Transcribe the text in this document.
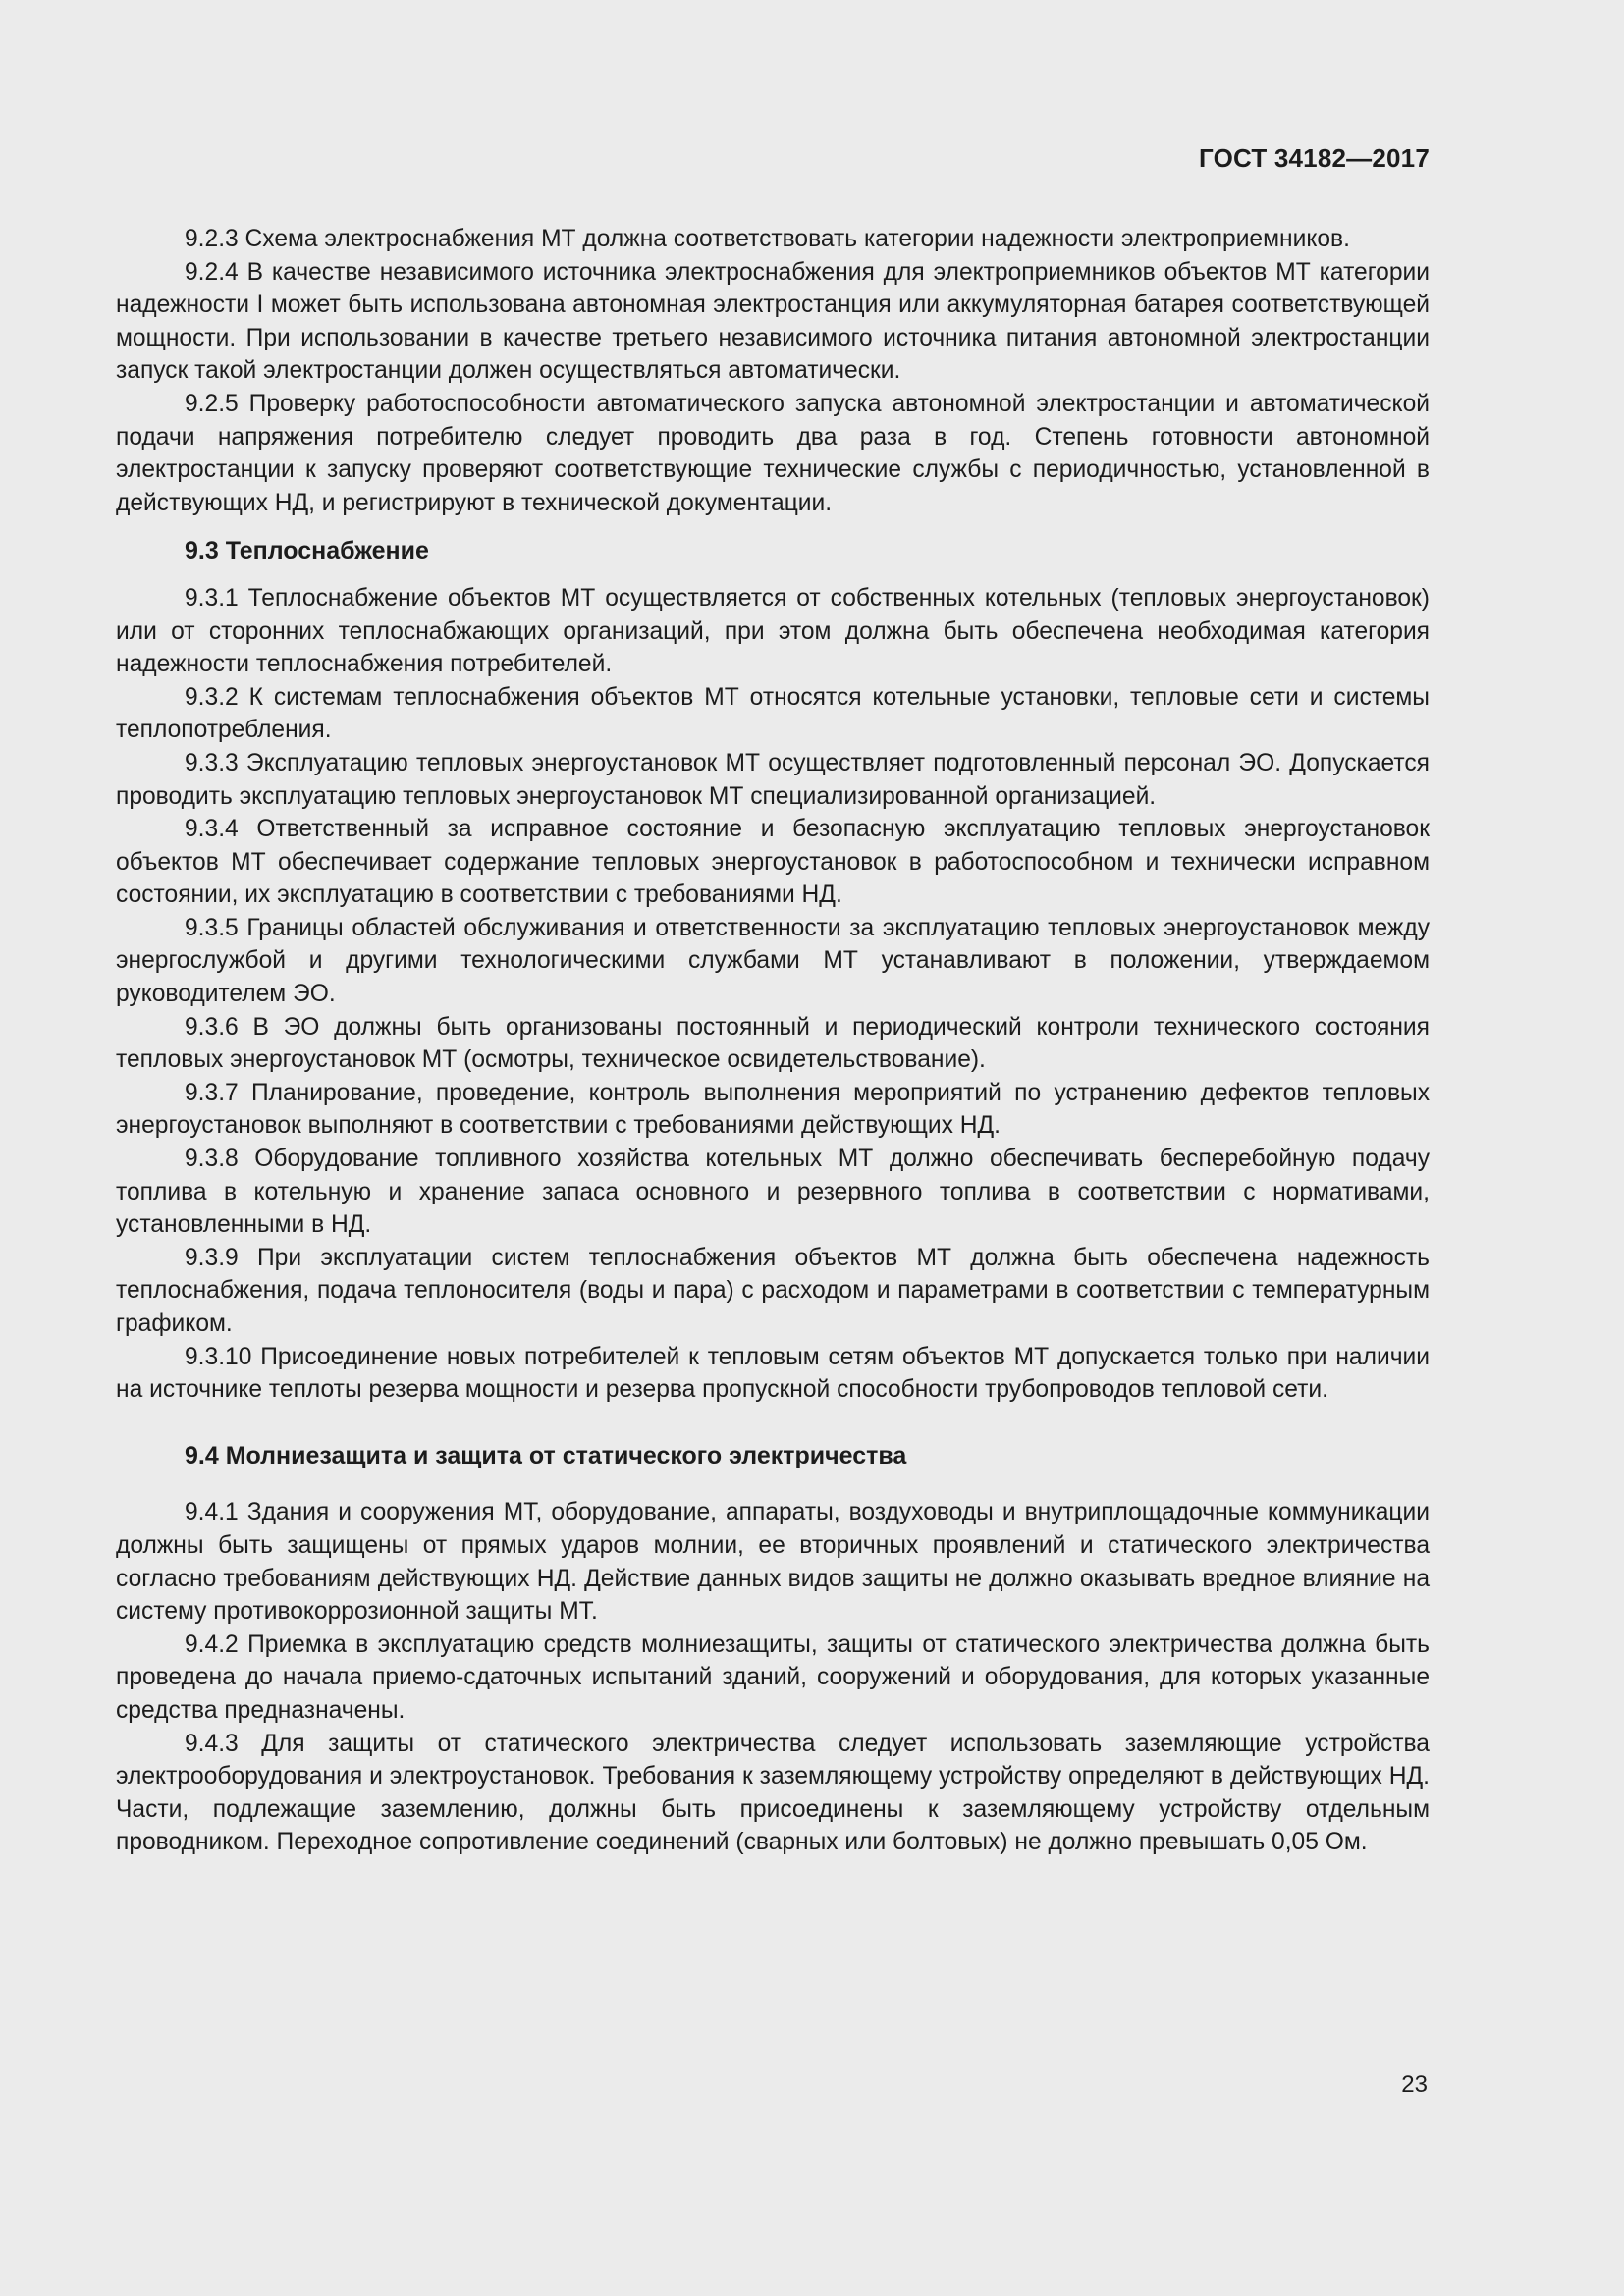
ГОСТ 34182—2017

9.2.3 Схема электроснабжения МТ должна соответствовать категории надежности электроприемников.

9.2.4 В качестве независимого источника электроснабжения для электроприемников объектов МТ категории надежности I может быть использована автономная электростанция или аккумуляторная батарея соответствующей мощности. При использовании в качестве третьего независимого источника питания автономной электростанции запуск такой электростанции должен осуществляться автоматически.

9.2.5 Проверку работоспособности автоматического запуска автономной электростанции и автоматической подачи напряжения потребителю следует проводить два раза в год. Степень готовности автономной электростанции к запуску проверяют соответствующие технические службы с периодичностью, установленной в действующих НД, и регистрируют в технической документации.

9.3 Теплоснабжение

9.3.1 Теплоснабжение объектов МТ осуществляется от собственных котельных (тепловых энергоустановок) или от сторонних теплоснабжающих организаций, при этом должна быть обеспечена необходимая категория надежности теплоснабжения потребителей.

9.3.2 К системам теплоснабжения объектов МТ относятся котельные установки, тепловые сети и системы теплопотребления.

9.3.3 Эксплуатацию тепловых энергоустановок МТ осуществляет подготовленный персонал ЭО. Допускается проводить эксплуатацию тепловых энергоустановок МТ специализированной организацией.

9.3.4 Ответственный за исправное состояние и безопасную эксплуатацию тепловых энергоустановок объектов МТ обеспечивает содержание тепловых энергоустановок в работоспособном и технически исправном состоянии, их эксплуатацию в соответствии с требованиями НД.

9.3.5 Границы областей обслуживания и ответственности за эксплуатацию тепловых энергоустановок между энергослужбой и другими технологическими службами МТ устанавливают в положении, утверждаемом руководителем ЭО.

9.3.6 В ЭО должны быть организованы постоянный и периодический контроли технического состояния тепловых энергоустановок МТ (осмотры, техническое освидетельствование).

9.3.7 Планирование, проведение, контроль выполнения мероприятий по устранению дефектов тепловых энергоустановок выполняют в соответствии с требованиями действующих НД.

9.3.8 Оборудование топливного хозяйства котельных МТ должно обеспечивать бесперебойную подачу топлива в котельную и хранение запаса основного и резервного топлива в соответствии с нормативами, установленными в НД.

9.3.9 При эксплуатации систем теплоснабжения объектов МТ должна быть обеспечена надежность теплоснабжения, подача теплоносителя (воды и пара) с расходом и параметрами в соответствии с температурным графиком.

9.3.10 Присоединение новых потребителей к тепловым сетям объектов МТ допускается только при наличии на источнике теплоты резерва мощности и резерва пропускной способности трубопроводов тепловой сети.

9.4 Молниезащита и защита от статического электричества

9.4.1 Здания и сооружения МТ, оборудование, аппараты, воздуховоды и внутриплощадочные коммуникации должны быть защищены от прямых ударов молнии, ее вторичных проявлений и статического электричества согласно требованиям действующих НД. Действие данных видов защиты не должно оказывать вредное влияние на систему противокоррозионной защиты МТ.

9.4.2 Приемка в эксплуатацию средств молниезащиты, защиты от статического электричества должна быть проведена до начала приемо-сдаточных испытаний зданий, сооружений и оборудования, для которых указанные средства предназначены.

9.4.3 Для защиты от статического электричества следует использовать заземляющие устройства электрооборудования и электроустановок. Требования к заземляющему устройству определяют в действующих НД. Части, подлежащие заземлению, должны быть присоединены к заземляющему устройству отдельным проводником. Переходное сопротивление соединений (сварных или болтовых) не должно превышать 0,05 Ом.

23
